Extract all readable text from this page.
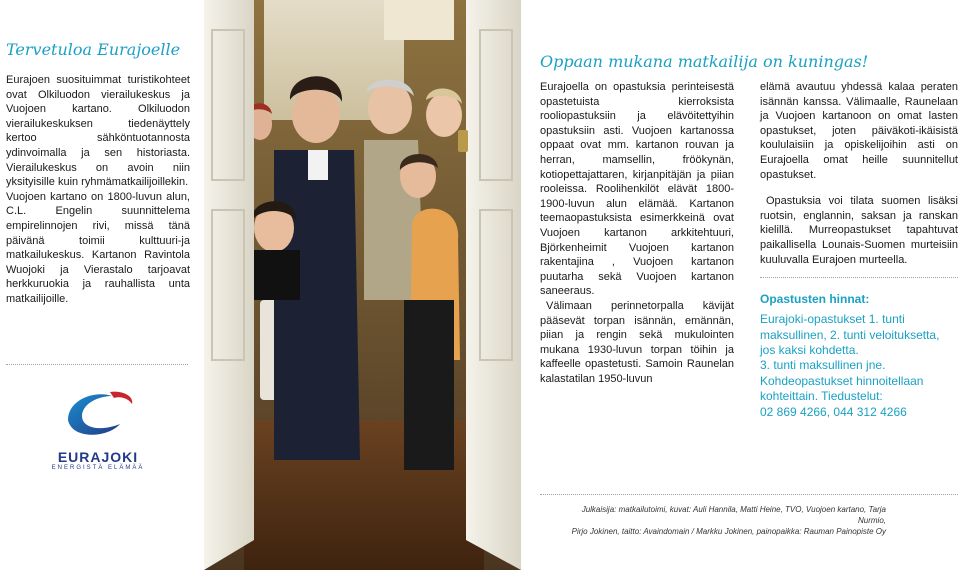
Tervetuloa Eurajoelle

Eurajoen suosituimmat turistikohteet ovat Olkiluodon vierailukeskus ja Vuojoen kartano. Olkiluodon vierailukeskuksen tiedenäyttely kertoo sähköntuotannosta ydinvoimalla ja sen historiasta. Vierailukeskus on avoin niin yksityisille kuin ryhmämatkailijoillekin.

Vuojoen kartano on 1800-luvun alun, C.L. Engelin suunnittelema empirelinnojen rivi, missä tänä päivänä toimii kulttuuri-ja matkailukeskus. Kartanon Ravintola Wuojoki ja Vierastalo tarjoavat herkkuruokia ja rauhallista unta matkailijoille.

EURAJOKI
ENERGISTÄ ELÄMÄÄ
Oppaan mukana matkailija on kuningas!

Eurajoella on opastuksia perinteisestä opastetuista kierroksista rooliopastuksiin ja elävöitettyihin opastuksiin asti. Vuojoen kartanossa oppaat ovat mm. kartanon rouvan ja herran, mamsellin, fröökynän, kotiopettajattaren, kirjanpitäjän ja piian rooleissa. Roolihenkilöt elävät 1800-1900-luvun alun elämää. Kartanon teemaopastuksista esimerkkeinä ovat Vuojoen kartanon arkkitehtuuri, Björkenheimit Vuojoen kartanon rakentajina , Vuojoen kartanon puutarha sekä Vuojoen kartanon saneeraus.

Välimaan perinnetorpalla kävijät pääsevät torpan isännän, emännän, piian ja rengin sekä mukulointen mukana 1930-luvun torpan töihin ja kaffeelle opastetusti. Samoin Raunelan kalastatilan 1950-luvun

elämä avautuu yhdessä kalaa perаten isännän kanssa. Välimaalle, Raunelaan ja Vuojoen kartanoon on omat lasten opastukset, joten päiväkoti-ikäisistä koululaisiin ja opiskelijoihin asti on Eurajoella omat heille suunnitellut opastukset.

Opastuksia voi tilata suomen lisäksi ruotsin, englannin, saksan ja ranskan kielillä. Murreopastukset tapahtuvat paikallisella Lounais-Suomen murteisiin kuuluvalla Eurajoen murteella.

Opastusten hinnat:

Eurajoki-opastukset 1. tunti maksullinen, 2. tunti veloituksetta, jos kaksi kohdetta.

3. tunti maksullinen jne.

Kohdeopastukset hinnoitellaan kohteittain. Tiedustelut:

02 869 4266, 044 312 4266

Julkaisija: matkailutoimi, kuvat: Auli Hannila, Matti Heine, TVO, Vuojoen kartano, Tarja Nurmio,
Pirjo Jokinen, taitto: Avaindomain / Markku Jokinen, painopaikka: Rauman Painopiste Oy
